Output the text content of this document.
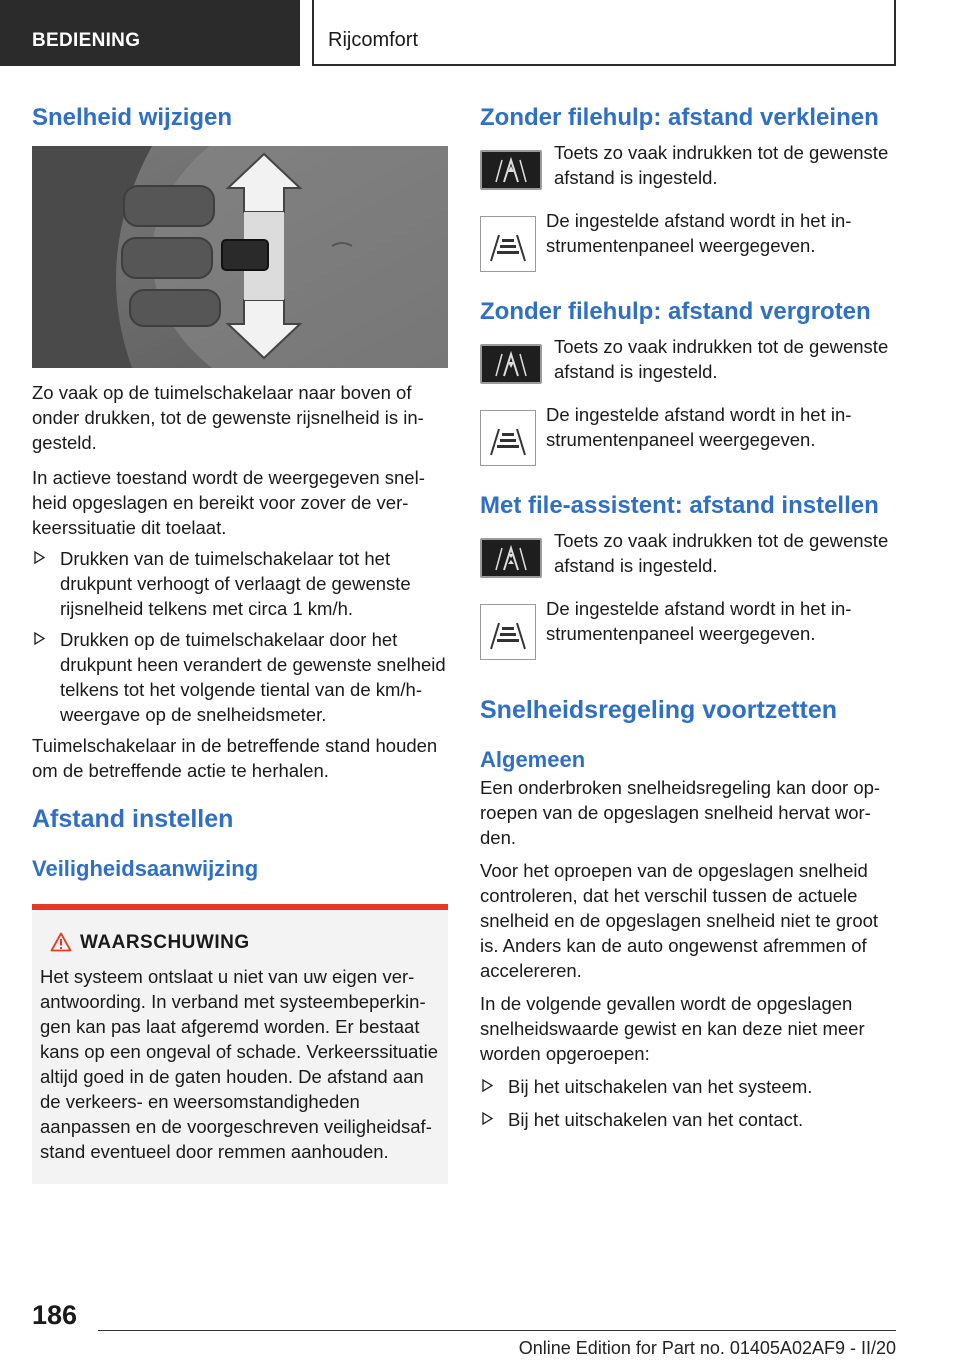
BEDIENING	Rijcomfort
Snelheid wijzigen

Zo vaak op de tuimelschakelaar naar boven of onder drukken, tot de gewenste rijsnelheid is ingesteld.

In actieve toestand wordt de weergegeven snelheid opgeslagen en bereikt voor zover de verkeerssituatie dit toelaat.

Drukken van de tuimelschakelaar tot het drukpunt verhoogt of verlaagt de gewenste rijsnelheid telkens met circa 1 km/h.
Drukken op de tuimelschakelaar door het drukpunt heen verandert de gewenste snelheid telkens tot het volgende tiental van de km/h-weergave op de snelheidsmeter.

Tuimelschakelaar in de betreffende stand houden om de betreffende actie te herhalen.

Afstand instellen
Veiligheidsaanwijzing
WAARSCHUWING

Het systeem ontslaat u niet van uw eigen verantwoording. In verband met systeembeperkingen kan pas laat afgeremd worden. Er bestaat kans op een ongeval of schade. Verkeerssituatie altijd goed in de gaten houden. De afstand aan de verkeers- en weersomstandigheden aanpassen en de voorgeschreven veiligheidsafstand eventueel door remmen aanhouden.

Zonder filehulp: afstand verkleinen

Toets zo vaak indrukken tot de gewenste afstand is ingesteld.

De ingestelde afstand wordt in het instrumentenpaneel weergegeven.

Zonder filehulp: afstand vergroten

Toets zo vaak indrukken tot de gewenste afstand is ingesteld.

De ingestelde afstand wordt in het instrumentenpaneel weergegeven.

Met file-assistent: afstand instellen

Toets zo vaak indrukken tot de gewenste afstand is ingesteld.

De ingestelde afstand wordt in het instrumentenpaneel weergegeven.

Snelheidsregeling voortzetten
Algemeen

Een onderbroken snelheidsregeling kan door oproepen van de opgeslagen snelheid hervat worden.

Voor het oproepen van de opgeslagen snelheid controleren, dat het verschil tussen de actuele snelheid en de opgeslagen snelheid niet te groot is. Anders kan de auto ongewenst afremmen of accelereren.

In de volgende gevallen wordt de opgeslagen snelheidswaarde gewist en kan deze niet meer worden opgeroepen:

Bij het uitschakelen van het systeem.
Bij het uitschakelen van het contact.
186
Online Edition for Part no. 01405A02AF9 - II/20
